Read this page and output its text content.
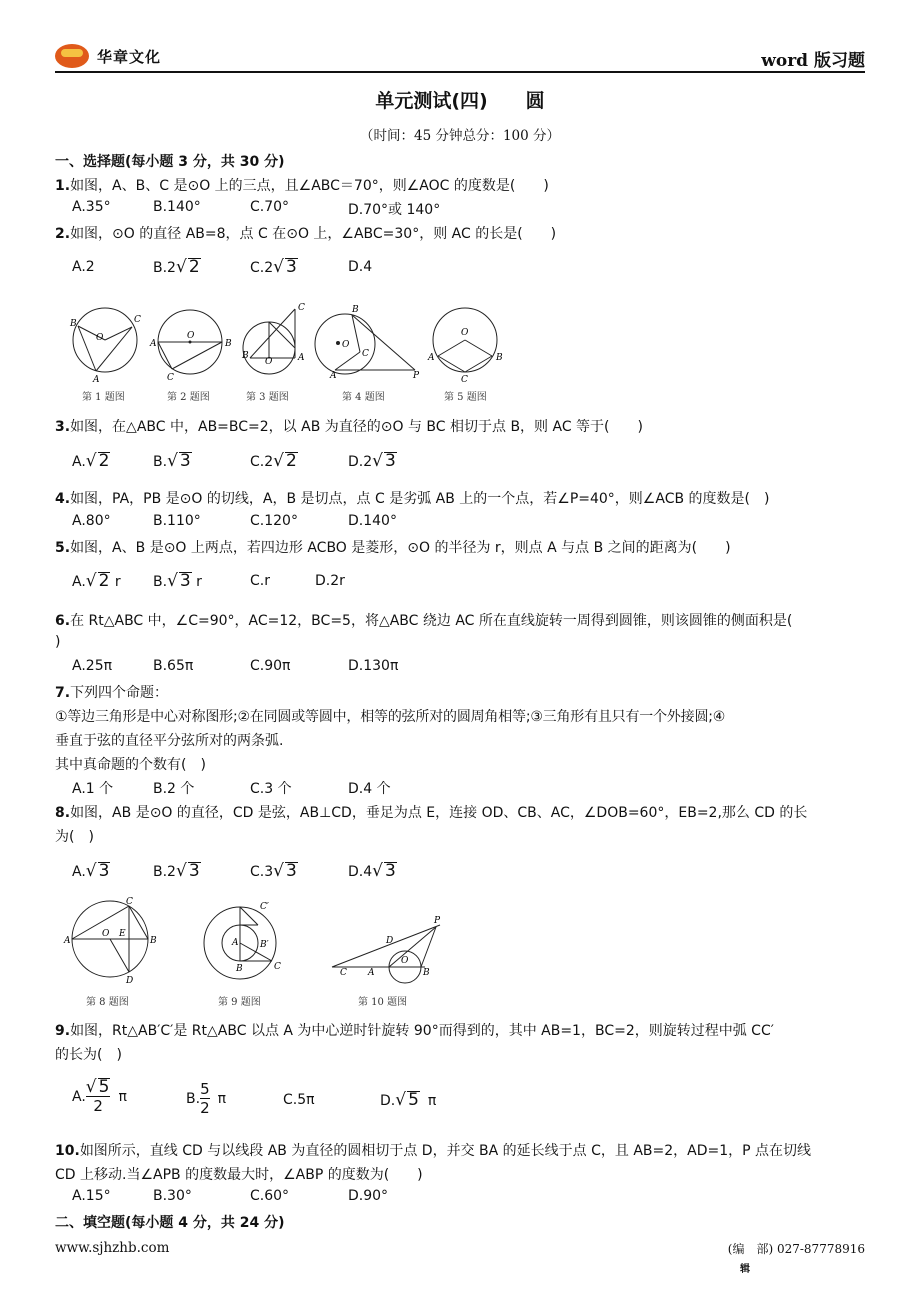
华章文化	word 版习题
单元测试(四)　　圆
（时间：45 分钟总分：100 分）
一、选择题(每小题 3 分，共 30 分)
1.如图，A、B、C 是⊙O 上的三点，且∠ABC＝70°，则∠AOC 的度数是(　　)
A.35°	B.140°	C.70°	D.70°或 140°
2.如图，⊙O 的直径 AB=8，点 C 在⊙O 上，∠ABC=30°，则 AC 的长是(　　)
A.2	B.2√ 2	C.2√ 3	D.4
B	C
O
A
A	B
O
C
C
B	A
O
B
O
C
A	P
O
A	B
C
第 1 题图	第 2 题图	第 3 题图	第 4 题图	第 5 题图
3.如图，在△ABC 中，AB=BC=2，以 AB 为直径的⊙O 与 BC 相切于点 B，则 AC 等于(　　)
A.√ 2	B.√ 3	C.2√ 2	D.2√ 3
4.如图，PA，PB 是⊙O 的切线，A，B 是切点，点 C 是劣弧 AB 上的一个点，若∠P=40°，则∠ACB 的度数是(　)
A.80°	B.110°	C.120°	D.140°
5.如图，A、B 是⊙O 上两点，若四边形 ACBO 是菱形，⊙O 的半径为 r，则点 A 与点 B 之间的距离为(　　)
A.√ 2 r B.√ 3 r	C.r	D.2r
6.在 Rt△ABC 中，∠C=90°，AC=12，BC=5，将△ABC 绕边 AC 所在直线旋转一周得到圆锥，则该圆锥的侧面积是(
)
A.25π	B.65π	C.90π	D.130π
7.下列四个命题：
①等边三角形是中心对称图形;②在同圆或等圆中，相等的弦所对的圆周角相等;③三角形有且只有一个外接圆;④
垂直于弦的直径平分弦所对的两条弧.
其中真命题的个数有(　)
A.1 个	B.2 个	C.3 个	D.4 个
8.如图，AB 是⊙O 的直径，CD 是弦，AB⊥CD，垂足为点 E，连接 OD、CB、AC，∠DOB=60°，EB=2,那么 CD 的长
为(　)
A.√ 3	B.2√ 3	C.3√ 3	D.4√ 3
A	B
C
D
O E
C′
A B′
B	C
C A
O
B
D
P
第 8 题图	第 9 题图	第 10 题图
9.如图，Rt△AB′C′是 Rt△ABC 以点 A 为中心逆时针旋转 90°而得到的，其中 AB=1，BC=2，则旋转过程中弧 CC′
的长为(　)
A. $\frac{√ 5}{2}$ π	B. $\frac{5}{2}$ π	C.5π	D.√ 5 π
10.如图所示，直线 CD 与以线段 AB 为直径的圆相切于点 D，并交 BA 的延长线于点 C，且 AB=2，AD=1，P 点在切线
CD 上移动.当∠APB 的度数最大时，∠ABP 的度数为(　　)
A.15°	B.30°	C.60°	D.90°
二、填空题(每小题 4 分，共 24 分)
www.sjhzhb.com	(编　部) 027-87778916
辑
